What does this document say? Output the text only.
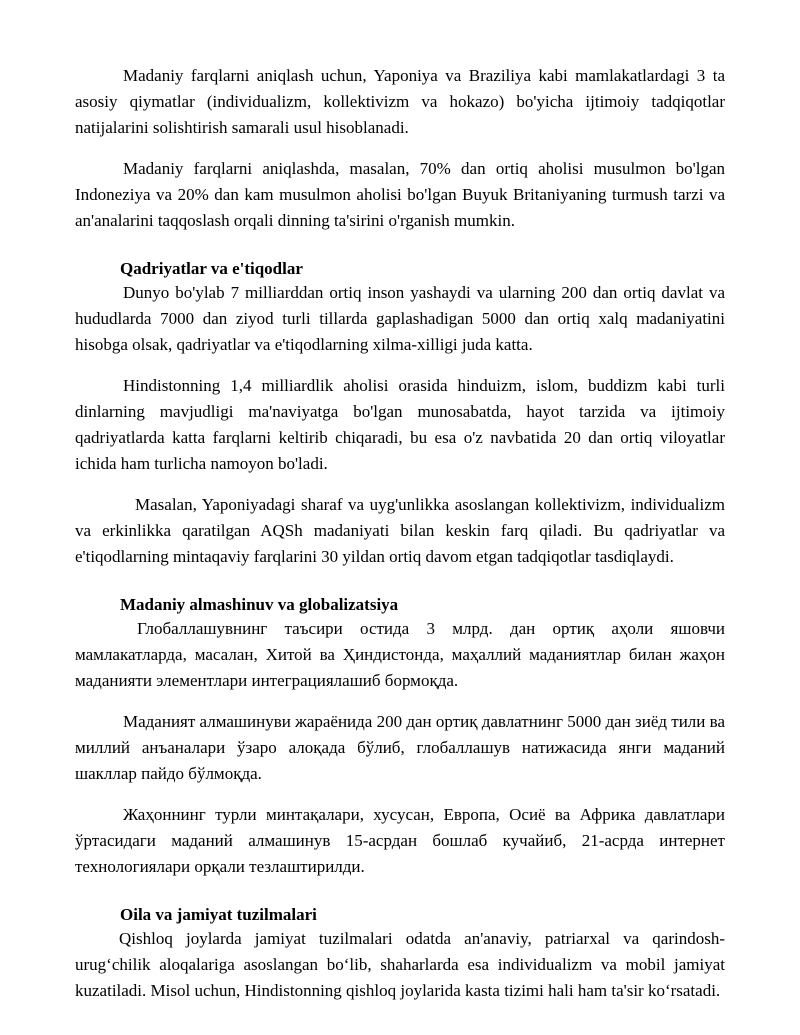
Madaniy farqlarni aniqlash uchun, Yaponiya va Braziliya kabi mamlakatlardagi 3 ta asosiy qiymatlar (individualizm, kollektivizm va hokazo) bo'yicha ijtimoiy tadqiqotlar natijalarini solishtirish samarali usul hisoblanadi.

Madaniy farqlarni aniqlashda, masalan, 70% dan ortiq aholisi musulmon bo'lgan Indoneziya va 20% dan kam musulmon aholisi bo'lgan Buyuk Britaniyaning turmush tarzi va an'analarini taqqoslash orqali dinning ta'sirini o'rganish mumkin.

Qadriyatlar va e'tiqodlar

Dunyo bo'ylab 7 milliarddan ortiq inson yashaydi va ularning 200 dan ortiq davlat va hududlarda 7000 dan ziyod turli tillarda gaplashadigan 5000 dan ortiq xalq madaniyatini hisobga olsak, qadriyatlar va e'tiqodlarning xilma-xilligi juda katta.

Hindistonning 1,4 milliardlik aholisi orasida hinduizm, islom, buddizm kabi turli dinlarning mavjudligi ma'naviyatga bo'lgan munosabatda, hayot tarzida va ijtimoiy qadriyatlarda katta farqlarni keltirib chiqaradi, bu esa o'z navbatida 20 dan ortiq viloyatlar ichida ham turlicha namoyon bo'ladi.

Masalan, Yaponiyadagi sharaf va uyg'unlikka asoslangan kollektivizm, individualizm va erkinlikka qaratilgan AQSh madaniyati bilan keskin farq qiladi. Bu qadriyatlar va e'tiqodlarning mintaqaviy farqlarini 30 yildan ortiq davom etgan tadqiqotlar tasdiqlaydi.

Madaniy almashinuv va globalizatsiya

Глобаллашувнинг таъсири остида 3 млрд. дан ортиқ аҳоли яшовчи мамлакатларда, масалан, Хитой ва Ҳиндистонда, маҳаллий маданиятлар билан жаҳон маданияти элементлари интеграциялашиб бормоқда.

Маданият алмашинуви жараёнида 200 дан ортиқ давлатнинг 5000 дан зиёд тили ва миллий анъаналари ўзаро алоқада бўлиб, глобаллашув натижасида янги маданий шакллар пайдо бўлмоқда.

Жаҳоннинг турли минтақалари, хусусан, Европа, Осиё ва Африка давлатлари ўртасидаги маданий алмашинув 15-асрдан бошлаб кучайиб, 21-асрда интернет технологиялари орқали тезлаштирилди.

Oila va jamiyat tuzilmalari

Qishloq joylarda jamiyat tuzilmalari odatda an'anaviy, patriarxal va qarindosh-urug‘chilik aloqalariga asoslangan bo‘lib, shaharlarda esa individualizm va mobil jamiyat kuzatiladi. Misol uchun, Hindistonning qishloq joylarida kasta tizimi hali ham ta'sir ko‘rsatadi.
